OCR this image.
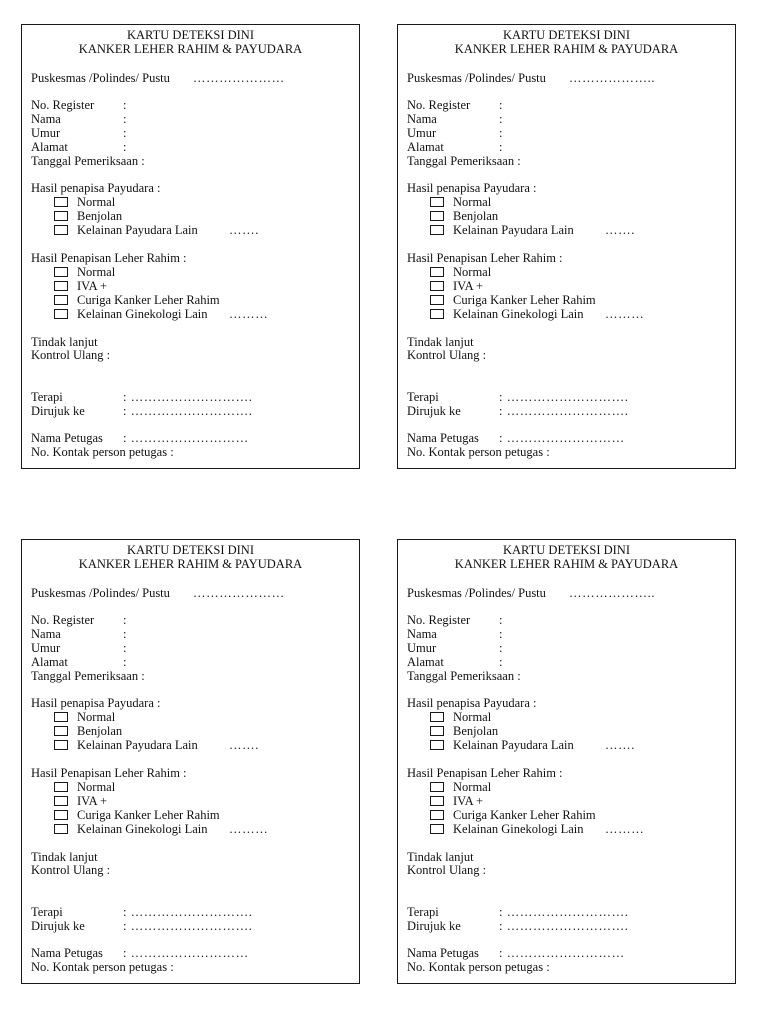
KARTU DETEKSI DINI
KANKER LEHER RAHIM & PAYUDARA
Puskesmas /Polindes/ Pustu …………………
No. Register :
Nama	:
Umur	:
Alamat	:
Tanggal Pemeriksaan :
Hasil penapisa Payudara :
Normal
Benjolan
Kelainan Payudara Lain …….
Hasil Penapisan Leher Rahim :
Normal
IVA +
Curiga Kanker Leher Rahim
Kelainan Ginekologi Lain ………
Tindak lanjut
Kontrol Ulang :
Terapi	: ……………………….
Dirujuk ke	: ……………………….
Nama Petugas : ………………………
No. Kontak person petugas :
KARTU DETEKSI DINI
KANKER LEHER RAHIM & PAYUDARA
Puskesmas /Polindes/ Pustu ………………..
No. Register :
Nama	:
Umur	:
Alamat	:
Tanggal Pemeriksaan :
Hasil penapisa Payudara :
Normal
Benjolan
Kelainan Payudara Lain …….
Hasil Penapisan Leher Rahim :
Normal
IVA +
Curiga Kanker Leher Rahim
Kelainan Ginekologi Lain ………
Tindak lanjut
Kontrol Ulang :
Terapi	: ……………………….
Dirujuk ke	: ……………………….
Nama Petugas : ………………………
No. Kontak person petugas :
KARTU DETEKSI DINI
KANKER LEHER RAHIM & PAYUDARA
Puskesmas /Polindes/ Pustu …………………
No. Register :
Nama	:
Umur	:
Alamat	:
Tanggal Pemeriksaan :
Hasil penapisa Payudara :
Normal
Benjolan
Kelainan Payudara Lain …….
Hasil Penapisan Leher Rahim :
Normal
IVA +
Curiga Kanker Leher Rahim
Kelainan Ginekologi Lain ………
Tindak lanjut
Kontrol Ulang :
Terapi	: ……………………….
Dirujuk ke	: ……………………….
Nama Petugas : ………………………
No. Kontak person petugas :
KARTU DETEKSI DINI
KANKER LEHER RAHIM & PAYUDARA
Puskesmas /Polindes/ Pustu ………………..
No. Register :
Nama	:
Umur	:
Alamat	:
Tanggal Pemeriksaan :
Hasil penapisa Payudara :
Normal
Benjolan
Kelainan Payudara Lain …….
Hasil Penapisan Leher Rahim :
Normal
IVA +
Curiga Kanker Leher Rahim
Kelainan Ginekologi Lain ………
Tindak lanjut
Kontrol Ulang :
Terapi	: ……………………….
Dirujuk ke	: ……………………….
Nama Petugas : ………………………
No. Kontak person petugas :
